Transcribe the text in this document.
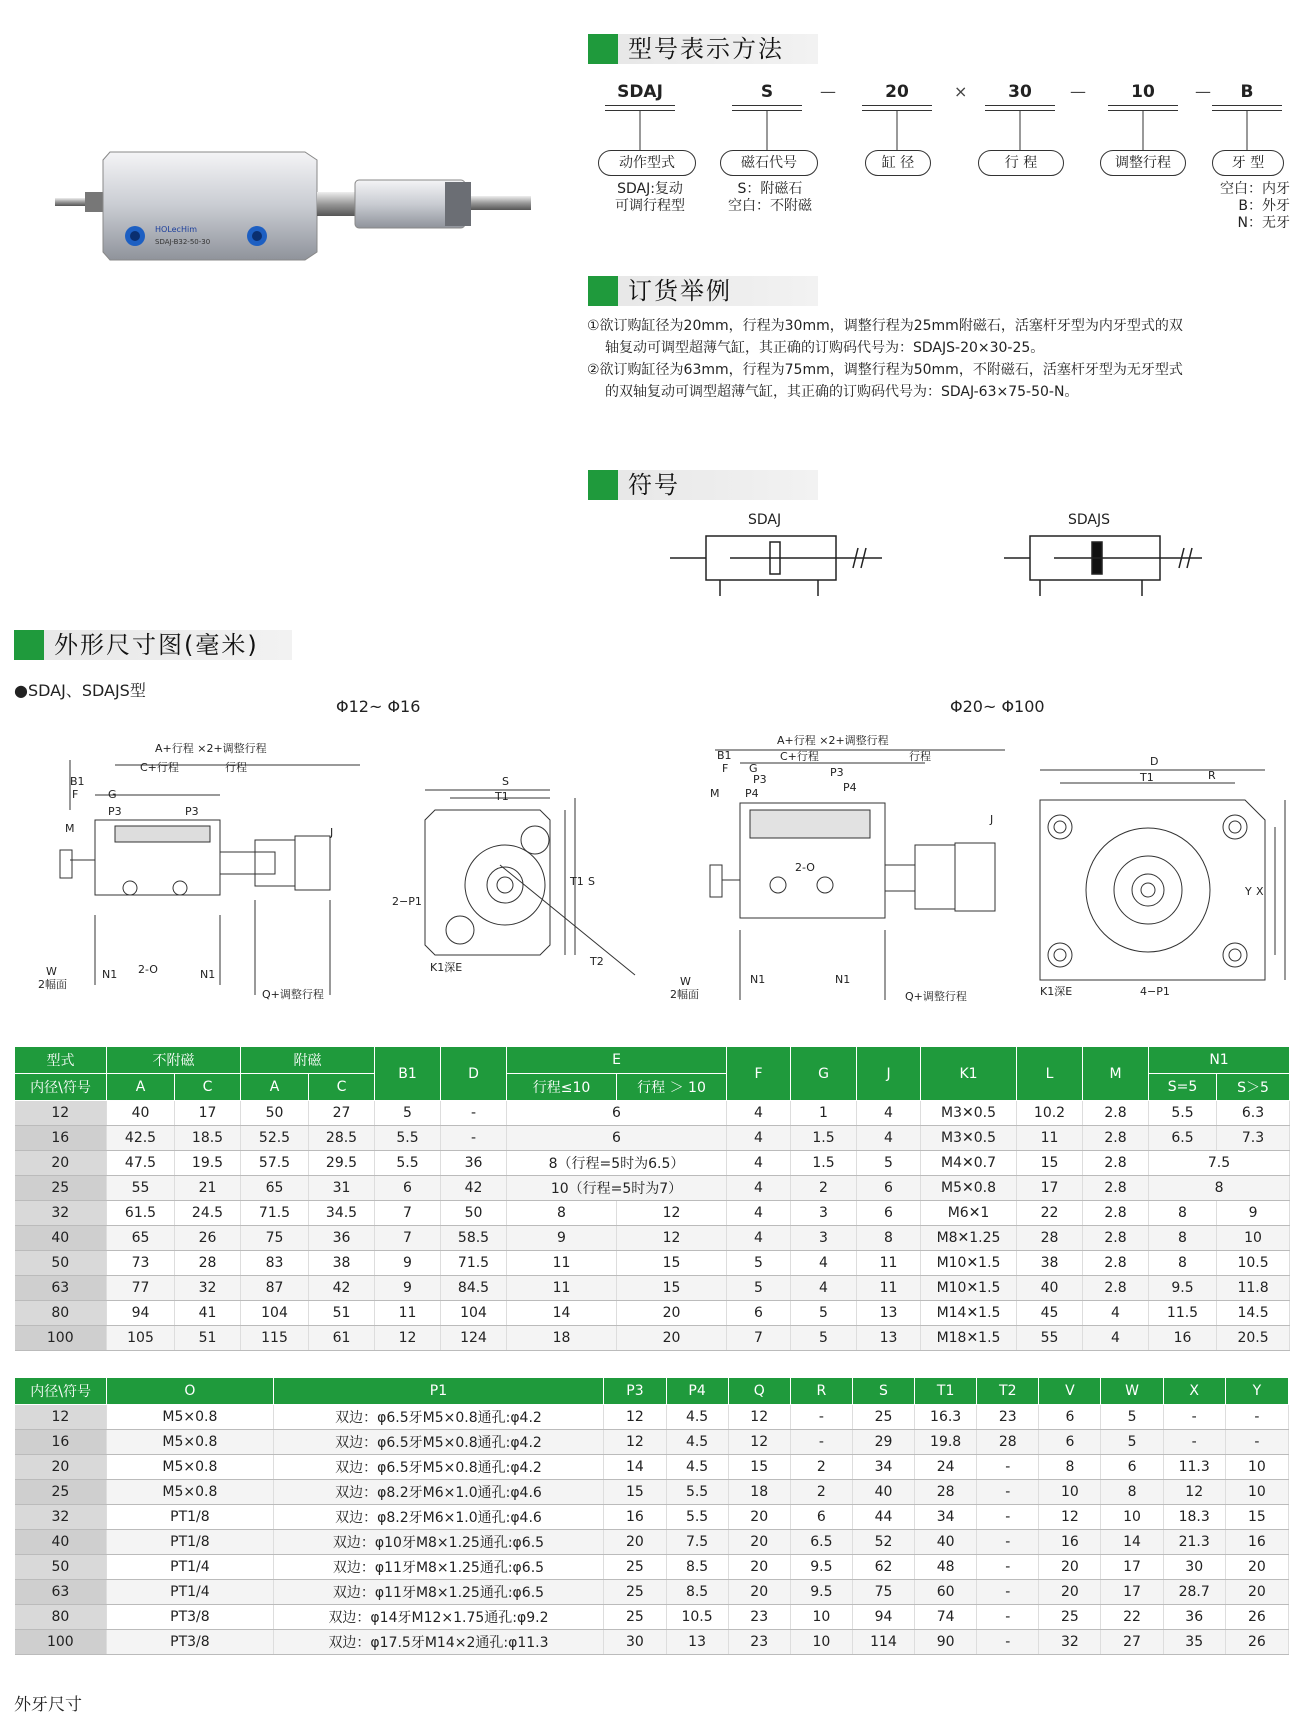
HOLecHim
SDAJ-B32-50-30
型号表示方法
SDAJ	S	—	20	×	30	—	10	—	B
动作型式	磁石代号	缸 径	行 程	调整行程	牙 型
SDAJ:复动
可调行程型
S：附磁石
空白：不附磁
空白：内牙
B：外牙
N：无牙
订货举例
①欲订购缸径为20mm，行程为30mm，调整行程为25mm附磁石，活塞杆牙型为内牙型式的双
轴复动可调型超薄气缸，其正确的订购码代号为：SDAJS-20×30-25。
②欲订购缸径为63mm，行程为75mm，调整行程为50mm，不附磁石，活塞杆牙型为无牙型式
的双轴复动可调型超薄气缸，其正确的订购码代号为：SDAJ-63×75-50-N。
符号
SDAJ	SDAJS
外形尺寸图(毫米)
●SDAJ、SDAJS型
Φ12~ Φ16	Φ20~ Φ100
A+行程 ×2+调整行程
C+行程	行程
B1
F	G
P3	P3
M	J
W
2幅面
2-O
N1	N1
Q+调整行程
S
T1
2−P1
K1深E
T1 S
T2
A+行程 ×2+调整行程
C+行程	行程
B1
F G
P3
P3
P4
P4
M
2-O
J
W
2幅面
N1	N1
Q+调整行程
D
T1	R
K1深E	4−P1
X
Y
型式	不附磁		附磁		B1	D	E		F	G	J	K1	L	M	N1	
内径\符号	A	C	A	C			行程≤10	行程 ＞ 10							S=5	S＞5
12	40	17	50	27	5	-	6		4	1	4	M3✕0.5	10.2	2.8	5.5	6.3
16	42.5	18.5	52.5	28.5	5.5	-	6		4	1.5	4	M3✕0.5	11	2.8	6.5	7.3
20	47.5	19.5	57.5	29.5	5.5	36	8（行程=5时为6.5）		4	1.5	5	M4✕0.7	15	2.8	7.5	
25	55	21	65	31	6	42	10（行程=5时为7）		4	2	6	M5✕0.8	17	2.8	8	
32	61.5	24.5	71.5	34.5	7	50	8	12	4	3	6	M6✕1	22	2.8	8	9
40	65	26	75	36	7	58.5	9	12	4	3	8	M8✕1.25	28	2.8	8	10
50	73	28	83	38	9	71.5	11	15	5	4	11	M10✕1.5	38	2.8	8	10.5
63	77	32	87	42	9	84.5	11	15	5	4	11	M10✕1.5	40	2.8	9.5	11.8
80	94	41	104	51	11	104	14	20	6	5	13	M14✕1.5	45	4	11.5	14.5
100	105	51	115	61	12	124	18	20	7	5	13	M18✕1.5	55	4	16	20.5
内径\符号	O	P1	P3	P4	Q	R	S	T1	T2	V	W	X	Y
12	M5×0.8	双边：φ6.5牙M5×0.8通孔:φ4.2	12	4.5	12	-	25	16.3	23	6	5	-	-
16	M5×0.8	双边：φ6.5牙M5×0.8通孔:φ4.2	12	4.5	12	-	29	19.8	28	6	5	-	-
20	M5×0.8	双边：φ6.5牙M5×0.8通孔:φ4.2	14	4.5	15	2	34	24	-	8	6	11.3	10
25	M5×0.8	双边：φ8.2牙M6×1.0通孔:φ4.6	15	5.5	18	2	40	28	-	10	8	12	10
32	PT1/8	双边：φ8.2牙M6×1.0通孔:φ4.6	16	5.5	20	6	44	34	-	12	10	18.3	15
40	PT1/8	双边：φ10牙M8×1.25通孔:φ6.5	20	7.5	20	6.5	52	40	-	16	14	21.3	16
50	PT1/4	双边：φ11牙M8×1.25通孔:φ6.5	25	8.5	20	9.5	62	48	-	20	17	30	20
63	PT1/4	双边：φ11牙M8×1.25通孔:φ6.5	25	8.5	20	9.5	75	60	-	20	17	28.7	20
80	PT3/8	双边：φ14牙M12×1.75通孔:φ9.2	25	10.5	23	10	94	74	-	25	22	36	26
100	PT3/8	双边：φ17.5牙M14×2通孔:φ11.3	30	13	23	10	114	90	-	32	27	35	26
外牙尺寸
